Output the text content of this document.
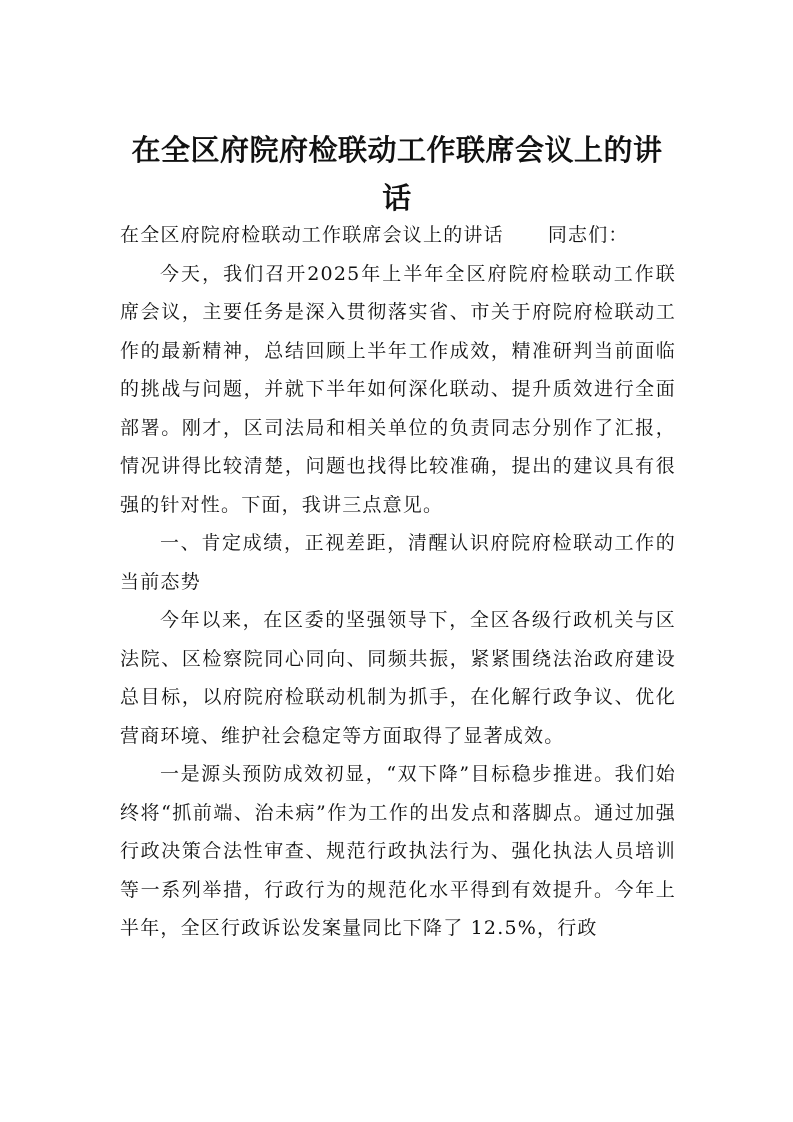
在全区府院府检联动工作联席会议上的讲话

在全区府院府检联动工作联席会议上的讲话 同志们：

今天，我们召开2025年上半年全区府院府检联动工作联席会议，主要任务是深入贯彻落实省、市关于府院府检联动工作的最新精神，总结回顾上半年工作成效，精准研判当前面临的挑战与问题，并就下半年如何深化联动、提升质效进行全面部署。刚才，区司法局和相关单位的负责同志分别作了汇报，情况讲得比较清楚，问题也找得比较准确，提出的建议具有很强的针对性。下面，我讲三点意见。

一、肯定成绩，正视差距，清醒认识府院府检联动工作的当前态势

今年以来，在区委的坚强领导下，全区各级行政机关与区法院、区检察院同心同向、同频共振，紧紧围绕法治政府建设总目标，以府院府检联动机制为抓手，在化解行政争议、优化营商环境、维护社会稳定等方面取得了显著成效。

一是源头预防成效初显，“双下降”目标稳步推进。我们始终将“抓前端、治未病”作为工作的出发点和落脚点。通过加强行政决策合法性审查、规范行政执法行为、强化执法人员培训等一系列举措，行政行为的规范化水平得到有效提升。今年上半年，全区行政诉讼发案量同比下降了 12.5%，行政
